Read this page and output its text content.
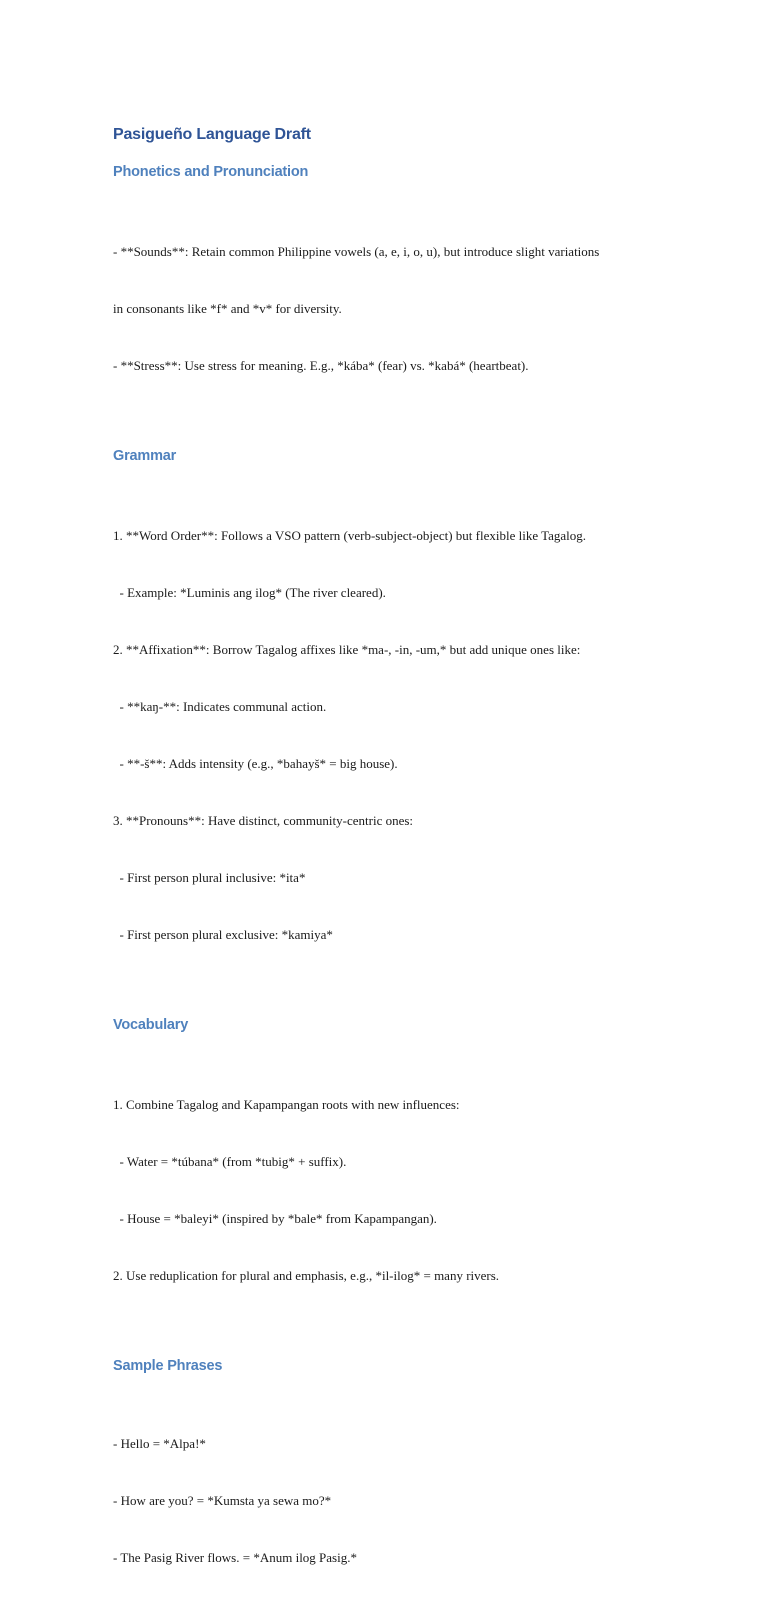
Pasigueño Language Draft
Phonetics and Pronunciation

- **Sounds**: Retain common Philippine vowels (a, e, i, o, u), but introduce slight variations

in consonants like *f* and *v* for diversity.

- **Stress**: Use stress for meaning. E.g., *kába* (fear) vs. *kabá* (heartbeat).

Grammar

1. **Word Order**: Follows a VSO pattern (verb-subject-object) but flexible like Tagalog.

- Example: *Luminis ang ilog* (The river cleared).

2. **Affixation**: Borrow Tagalog affixes like *ma-, -in, -um,* but add unique ones like:

- **kaŋ-**: Indicates communal action.

- **-š**: Adds intensity (e.g., *bahayš* = big house).

3. **Pronouns**: Have distinct, community-centric ones:

- First person plural inclusive: *ita*

- First person plural exclusive: *kamiya*

Vocabulary

1. Combine Tagalog and Kapampangan roots with new influences:

- Water = *túbana* (from *tubig* + suffix).

- House = *baleyi* (inspired by *bale* from Kapampangan).

2. Use reduplication for plural and emphasis, e.g., *il-ilog* = many rivers.

Sample Phrases

- Hello = *Alpa!*

- How are you? = *Kumsta ya sewa mo?*

- The Pasig River flows. = *Anum ilog Pasig.*
